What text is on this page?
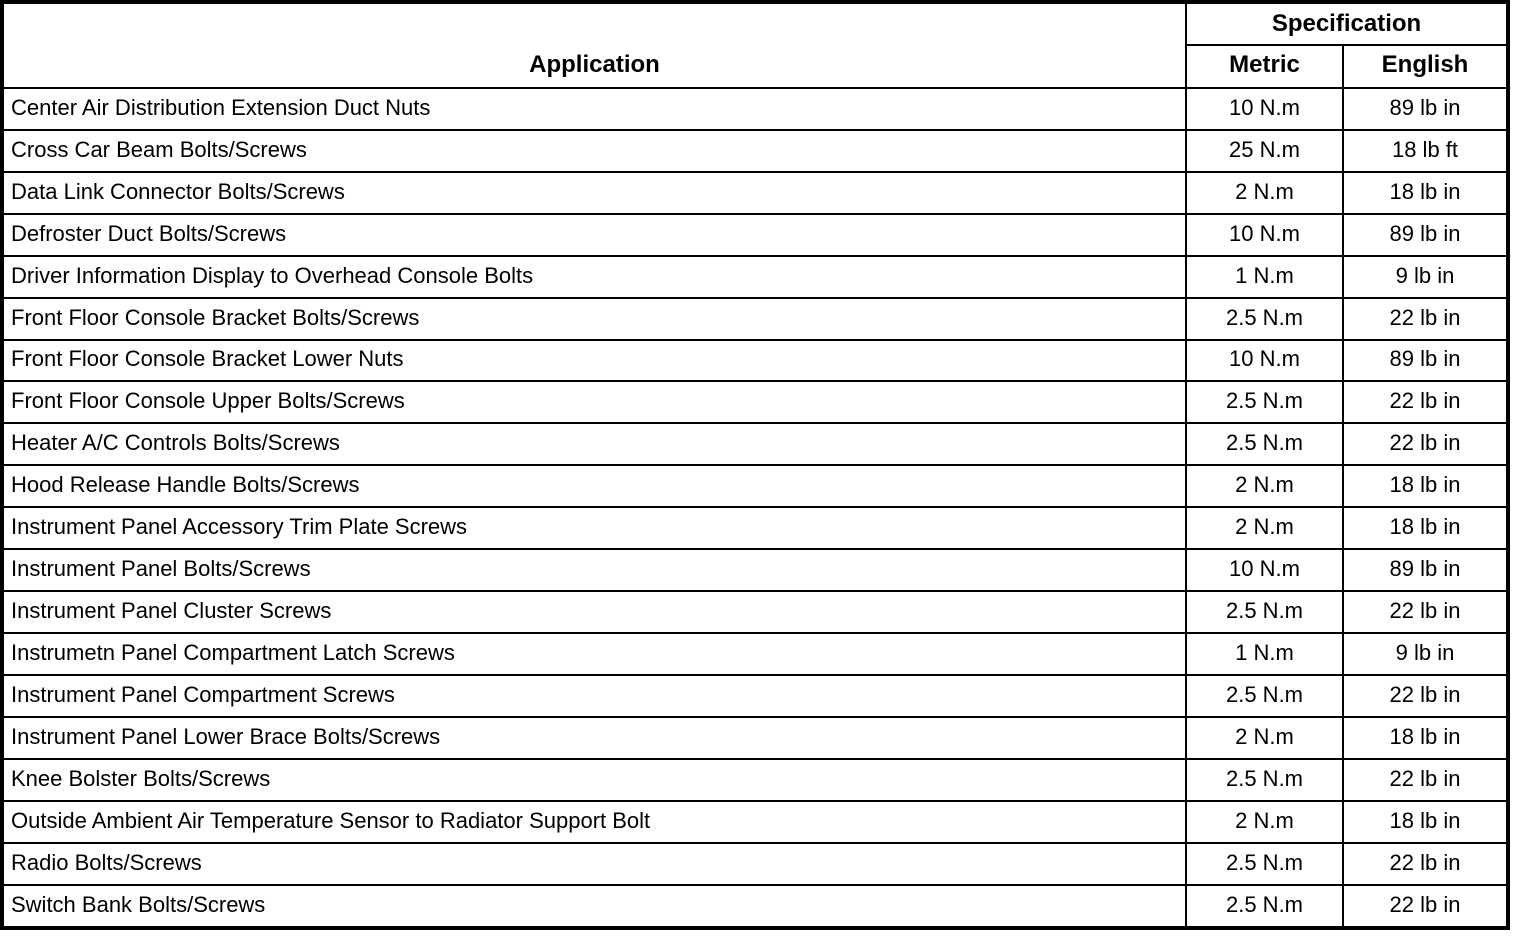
Application	Specification	
	Metric	English
Center Air Distribution Extension Duct Nuts	10 N.m	89 lb in
Cross Car Beam Bolts/Screws	25 N.m	18 lb ft
Data Link Connector Bolts/Screws	2 N.m	18 lb in
Defroster Duct Bolts/Screws	10 N.m	89 lb in
Driver Information Display to Overhead Console Bolts	1 N.m	9 lb in
Front Floor Console Bracket Bolts/Screws	2.5 N.m	22 lb in
Front Floor Console Bracket Lower Nuts	10 N.m	89 lb in
Front Floor Console Upper Bolts/Screws	2.5 N.m	22 lb in
Heater A/C Controls Bolts/Screws	2.5 N.m	22 lb in
Hood Release Handle Bolts/Screws	2 N.m	18 lb in
Instrument Panel Accessory Trim Plate Screws	2 N.m	18 lb in
Instrument Panel Bolts/Screws	10 N.m	89 lb in
Instrument Panel Cluster Screws	2.5 N.m	22 lb in
Instrumetn Panel Compartment Latch Screws	1 N.m	9 lb in
Instrument Panel Compartment Screws	2.5 N.m	22 lb in
Instrument Panel Lower Brace Bolts/Screws	2 N.m	18 lb in
Knee Bolster Bolts/Screws	2.5 N.m	22 lb in
Outside Ambient Air Temperature Sensor to Radiator Support Bolt	2 N.m	18 lb in
Radio Bolts/Screws	2.5 N.m	22 lb in
Switch Bank Bolts/Screws	2.5 N.m	22 lb in
